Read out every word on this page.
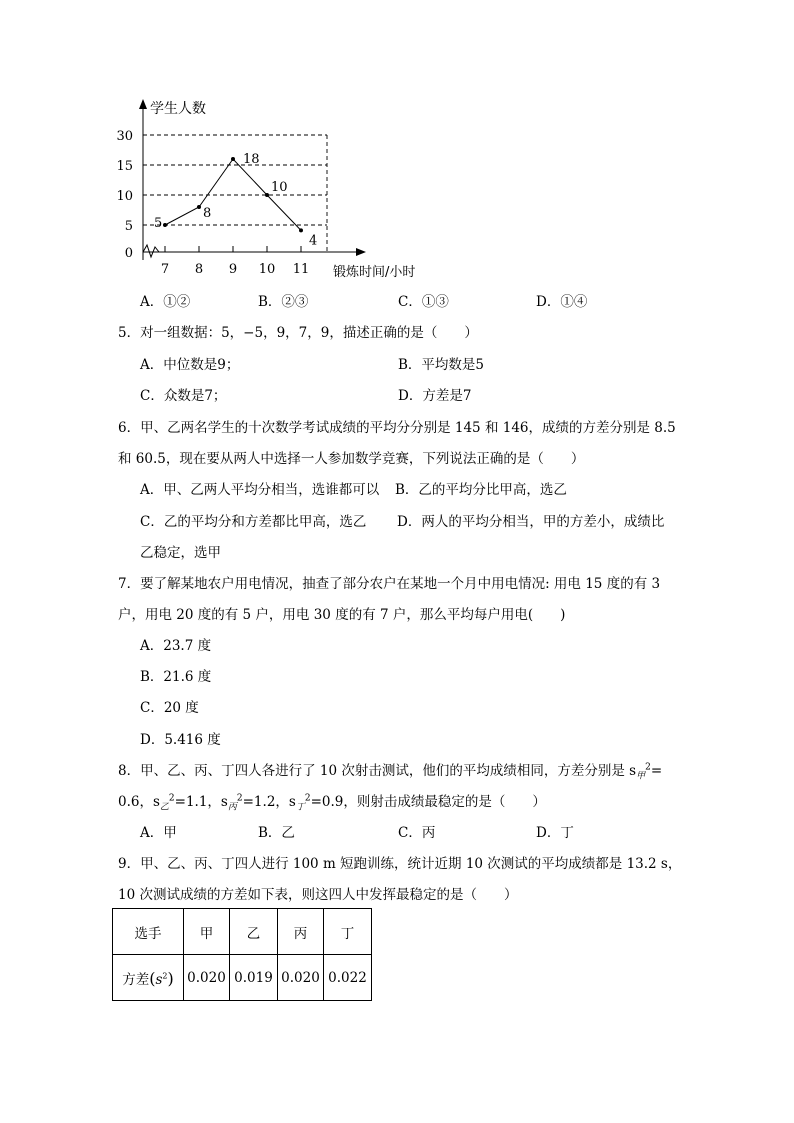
30
15
10
5
0
7 8 9 10 11
5
8
18
10
4
学生人数
锻炼时间/小时
A．①②	B．②③	C．①③	D．①④
5．对一组数据：5，−5，9，7，9，描述正确的是（　　）
A．中位数是9；	B．平均数是5
C．众数是7；	D．方差是7
6．甲、乙两名学生的十次数学考试成绩的平均分分别是 145 和 146，成绩的方差分别是 8.5
和 60.5，现在要从两人中选择一人参加数学竞赛，下列说法正确的是（　　）
A．甲、乙两人平均分相当，选谁都可以 B．乙的平均分比甲高，选乙
C．乙的平均分和方差都比甲高，选乙 D．两人的平均分相当，甲的方差小，成绩比
乙稳定，选甲
7．要了解某地农户用电情况，抽查了部分农户在某地一个月中用电情况: 用电 15 度的有 3
户，用电 20 度的有 5 户，用电 30 度的有 7 户，那么平均每户用电(　　)
A．23.7 度
B．21.6 度
C．20 度
D．5.416 度
8．甲、乙、丙、丁四人各进行了 10 次射击测试，他们的平均成绩相同，方差分别是 $s_甲^2=$
0.6，$s_乙^2=1.1$，$s_丙^2=1.2$，$s_丁^2=0.9$，则射击成绩最稳定的是（　　）
A．甲	B．乙	C．丙	D．丁
9．甲、乙、丙、丁四人进行 100 m 短跑训练，统计近期 10 次测试的平均成绩都是 13.2 s，
10 次测试成绩的方差如下表，则这四人中发挥最稳定的是（　　）
选手	甲	乙	丙	丁
方差$(s^2)$	0.020	0.019	0.020	0.022
